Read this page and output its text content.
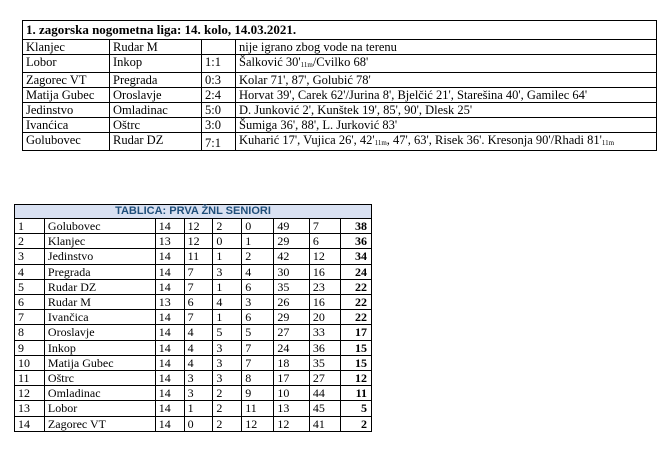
1. zagorska nogometna liga: 14. kolo, 14.03.2021.			
Klanjec	Rudar M		nije igrano zbog vode na terenu
Lobor	Inkop	1:1	Šalković $30'_{11m}$/Cvilko 68'
Zagorec VT	Pregrada	0:3	Kolar 71', 87', Golubić 78'
Matija Gubec	Oroslavje	2:4	Horvat 39', Carek 62'/Jurina 8', Bjelčić 21', Starešina 40', Gamilec 64'
Jedinstvo	Omladinac	5:0	D. Junković 2', Kunštek 19', 85', 90', Dlesk 25'
Ivanćica	Oštrc	3:0	Šumiga 36', 88', L. Jurković 83'
Golubovec	Rudar DZ	7:1	Kuharić 17', Vujica 26', $42'_{11m}$, 47', 63', Risek 36'. Kresonja 90'/Rhadi $81'_{11m}$
TABLICA: PRVA ŽNL SENIORI								
1	Golubovec	14	12	2	0	49	7	38
2	Klanjec	13	12	0	1	29	6	36
3	Jedinstvo	14	11	1	2	42	12	34
4	Pregrada	14	7	3	4	30	16	24
5	Rudar DZ	14	7	1	6	35	23	22
6	Rudar M	13	6	4	3	26	16	22
7	Ivančica	14	7	1	6	29	20	22
8	Oroslavje	14	4	5	5	27	33	17
9	Inkop	14	4	3	7	24	36	15
10	Matija Gubec	14	4	3	7	18	35	15
11	Oštrc	14	3	3	8	17	27	12
12	Omladinac	14	3	2	9	10	44	11
13	Lobor	14	1	2	11	13	45	5
14	Zagorec VT	14	0	2	12	12	41	2
